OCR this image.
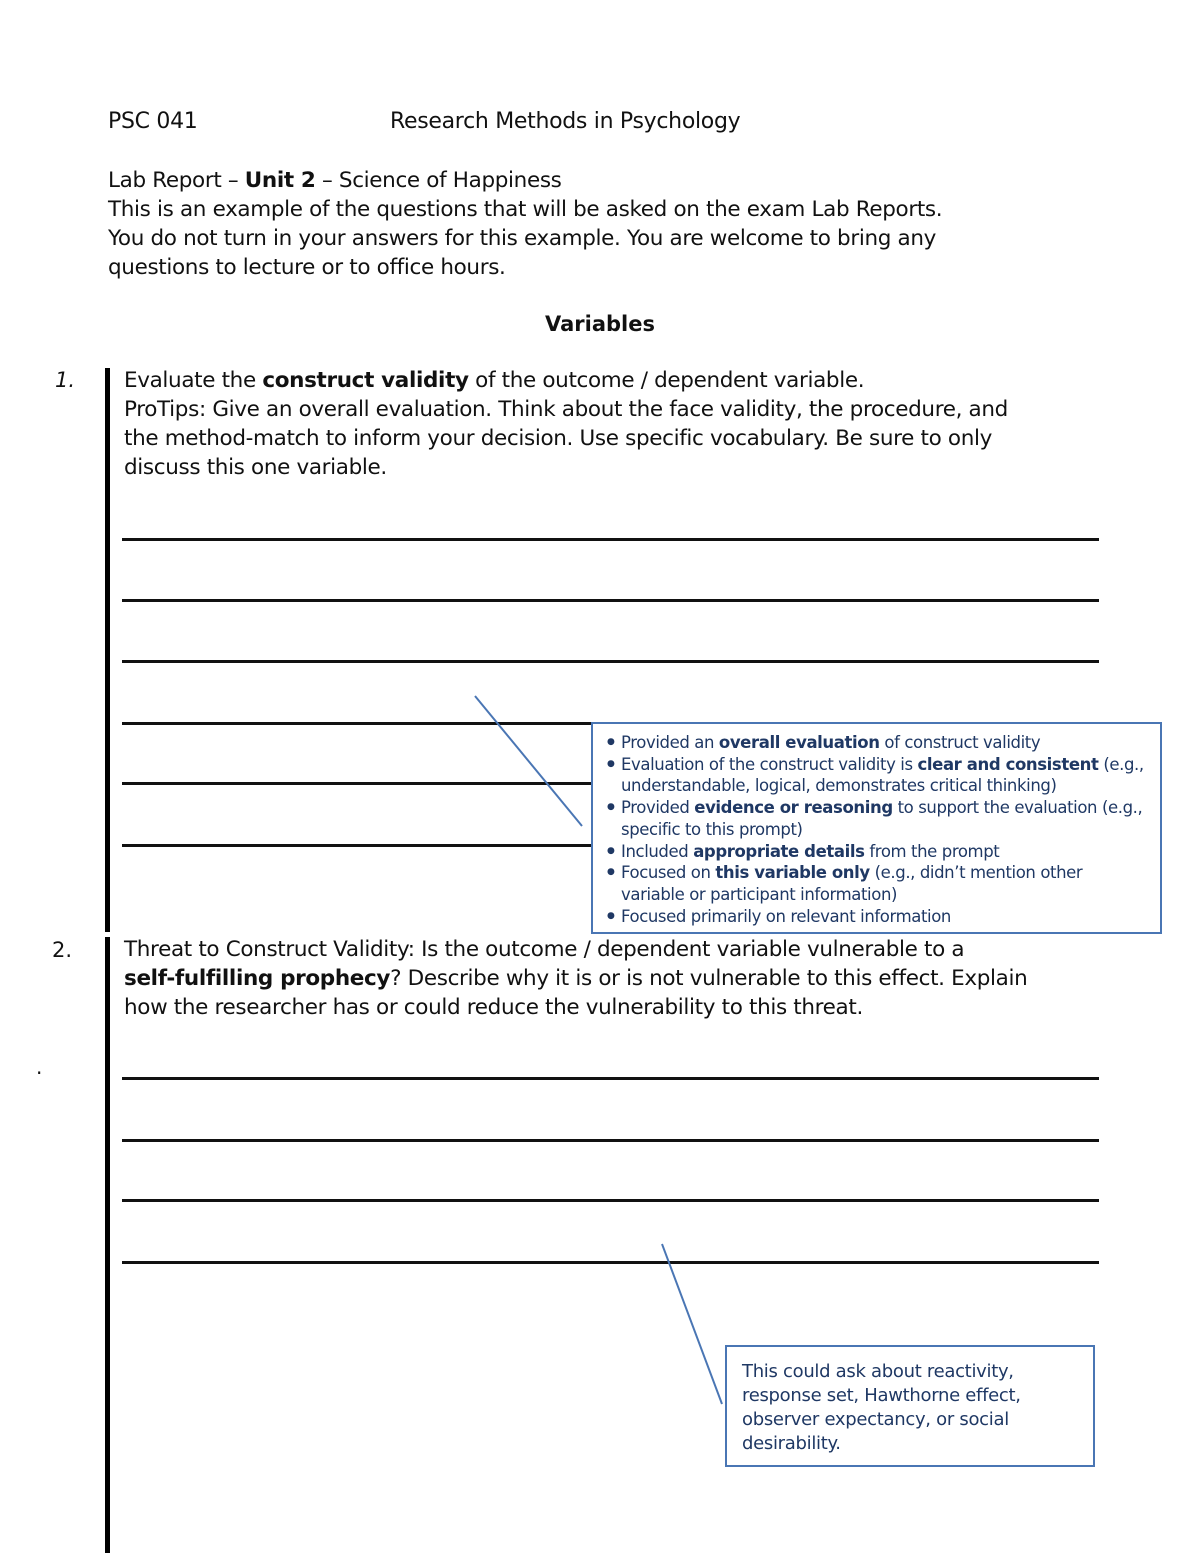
PSC 041	Research Methods in Psychology
Lab Report – Unit 2 – Science of Happiness
This is an example of the questions that will be asked on the exam Lab Reports.
You do not turn in your answers for this example. You are welcome to bring any
questions to lecture or to office hours.
Variables
1. Evaluate the construct validity of the outcome / dependent variable.
ProTips: Give an overall evaluation. Think about the face validity, the procedure, and
the method-match to inform your decision. Use specific vocabulary. Be sure to only
discuss this one variable.
● Provided an overall evaluation of construct validity
● Evaluation of the construct validity is clear and consistent (e.g., understandable, logical, demonstrates critical thinking)
● Provided evidence or reasoning to support the evaluation (e.g., specific to this prompt)
● Included appropriate details from the prompt
● Focused on this variable only (e.g., didn’t mention other variable or participant information)
● Focused primarily on relevant information
2. Threat to Construct Validity: Is the outcome / dependent variable vulnerable to a
self-fulfilling prophecy? Describe why it is or is not vulnerable to this effect. Explain
how the researcher has or could reduce the vulnerability to this threat.
.
This could ask about reactivity,
response set, Hawthorne effect,
observer expectancy, or social
desirability.
